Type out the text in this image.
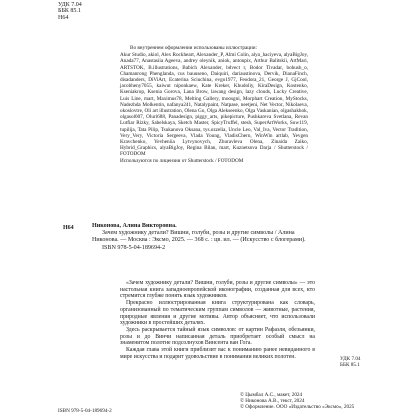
УДК 7.04
ББК 85.1
Н64

Во внутреннем оформлении использованы иллюстрации:

Akur Studio, akiol, Alex Rockheart, Alexander_P, Almi Colin, alya_haciyeva, alyaBigJoy, Anada77, Anastasiia Ageeva, andrey oleynik, aniok, antonpix, Arthur Balitskii, ArtMari, ARTSTOK, B.illustrations, Babich Alexander, bdvect r, Bodor Tivadar, bohush_o, Chamanrong Phenglanda, cus bauuseno, Daiquiri, dariaustinova, Dervik, DianaFinch, disadanders, DiViArt, Ecaterina Sciuchina, evgo1977, Feodora_21, George J, GjCool, jacobheny7055, kaiwut niponkaew, Kate Kreker, Khudoliy, KiraDesign, Kostenko, Kseniakrop, Ksenia Gorova, Lana Brow, lawang design, lazy clouds, Lucky Creative, Luis Line, mart, Maximus78, Melting Gallery, moosgni, Morphart Creation, MyStocks, Nadezhda Molkentin, nafanya241, Natalypaint, Natpase, neetjeni, Net Vector, Nikolaeva, okoslovtre, Oli art illustration, Olena Go, Olga Alekseenko, Olga Vaskanian, olgashakhok, olgasol007, Oluri688, Panadesign, piggy_arts, pikepicture, Pushkareva Svetlana, Revan Lutfiar Rizky, Sabelskaya, Sketch Master, SpicyTruffel, stesh, SuperArtWorks, Suw119, tupilija, Tata Pilip, Tsukanova Oksana, tys.ozzelia, Uncle Leo, Val_Iva, Vector Tradition, Very_Very, Victoria Sergeeva, Vlada Young, VladisChern, WinWin artlab, Yevgen Kravchenko, Yevheniia Lytvynovych, Zhuravleva Olena, Zinaida Zaiko, Hybrid_Graphics, alyaBigJoy, Regina Bilan, mart, Kuznetsova Darja / Shutterstock / FOTODOM

Используются по лицензии от Shutterstock / FOTODOM

Н64	Никонова, Алина Викторовна.

Зачем художнику детали? Вишни, голуби, розы и другие символы / Алина Никонова. — Москва : Эксмо, 2025. — 368 с. : цв. ил. — (Искусство с блогерами).

ISBN 978-5-04-189694-2

«Зачем художнику детали? Вишни, голуби, розы и другие символы» — это настольная книга западноевропейской иконографии, созданная для всех, кто стремится глубже понять язык художников.

Прекрасно иллюстрированная книга структурирована как словарь, организованный по тематическим группам символов — животные, растения, природные явления и другие мотивы. Автор объясняет, что использовали художники в простейших деталях.

Здесь раскрывается тайный язык символов: от картин Рафаэля, обезьянки, розы и до Винчи написанная деталь приобретает особый смысл на знаменитом полотне подсолнухов Винсента ван Гога.

Каждая глава этой книги приблизит вас к пониманию ранее невиданного в мире искусства и подарит удовольствие в понимании великих полотен.	УДК 7.04
ББК 85.1
© Цымбал А.С., макет, 2024
© Никонова А.В., текст, 2024
© Оформление. ООО «Издательство «Эксмо», 2025
ISBN 978-5-04-189694-2
